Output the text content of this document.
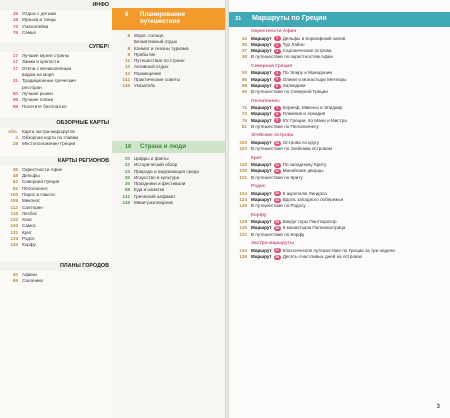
ИНФО
15 Отдых с детьми
18 Музыка и танцы
74 Узкоколейка
75 Семья
СУПЕР!
17 Лучшие музеи страны
17 Замки и крепости
17 Отели с великолепным
видом на моря
31 Традиционные греческие
ресторан
50 Лучшие рынки
96 Лучшие пляжи
96 Посетите бесплатно!
ОБЗОРНЫЕ КАРТЫ
обл. Карта экстра-маршрутов
4 Обзорная карта по главам
28 Местоположение Греции
КАРТЫ РЕГИОНОВ
36 Окрестности Афин
48 Дельфы
62 Северная Греция
82 Пелопоннес
100 Парос и Наксос
105 Миконос
112 Санторин
118 Лесбос
122 Хиос
130 Самос
131 Крит
133 Родос
140 Корфу
ПЛАНЫ ГОРОДОВ
40 Афины
69 Салоники
6 Планирование
путешествия
18 Страна и люди
8 Море, солнце,
Безмятежный отдых
8 Климат и сезоны туризма
9 Прибытие
11 Путешествие по стране
13 Активный отдых
14 Размещение
141 Практические советы
146 Указатель
20 Цифры и факты
22 Исторический обзор
23 Природа и окружающая среда
25 Искусство и культура
26 Праздники и фестивали
58 Еда и напитки
141 Греческий алфавит
145 Мини-разговорник
31 Маршруты по Греции
Окрестности Афин
34 Маршрут	1 Дельфы и Коринфский залив
35 Маршрут	2 Тур Лайон
37 Маршрут	3 Саронические острова
38 В путешествие по окрестностям Афин
Северная Греция
53 Маршрут	4 По Эпиру и Македонии
56 Маршрут	5 Олимп и монастыри Метеоры
58 Маршрут	6 Халкидики
59 В путешествие по Северной Греции
Пелопоннес
71 Маршрут	7 Коринф, Микены и Эпидавр
74 Маршрут	8 Олимпия и Аркадия
76 Маршрут	9 Юг Греции, по Мани и Мистра
81 В путешествие по Пелопоннесу
Эгейские острова
100 Маршрут	10 Острова по кругу
102 В путешествие по Эгейским островам
Крит
118 Маршрут	11 По западному Криту
120 Маршрут	12 Минойские дворцы
121 В путешествие по Криту
Родос
124 Маршрут	13 К акрополю Линдоса
124 Маршрут	14 Вдоль западного побережья
126 В путешествие по Родосу
Корфу
129 Маршрут	15 Вокруг горы Пантократор
130 Маршрут	16 К монастырю Палеокастрица
131 В путешествие по Корфу
Экстра-маршруты
134 Маршрут	17 Классическое путешествие по Греции за три недели
136 Маршрут	18 Десять счастливых дней на островах
3
